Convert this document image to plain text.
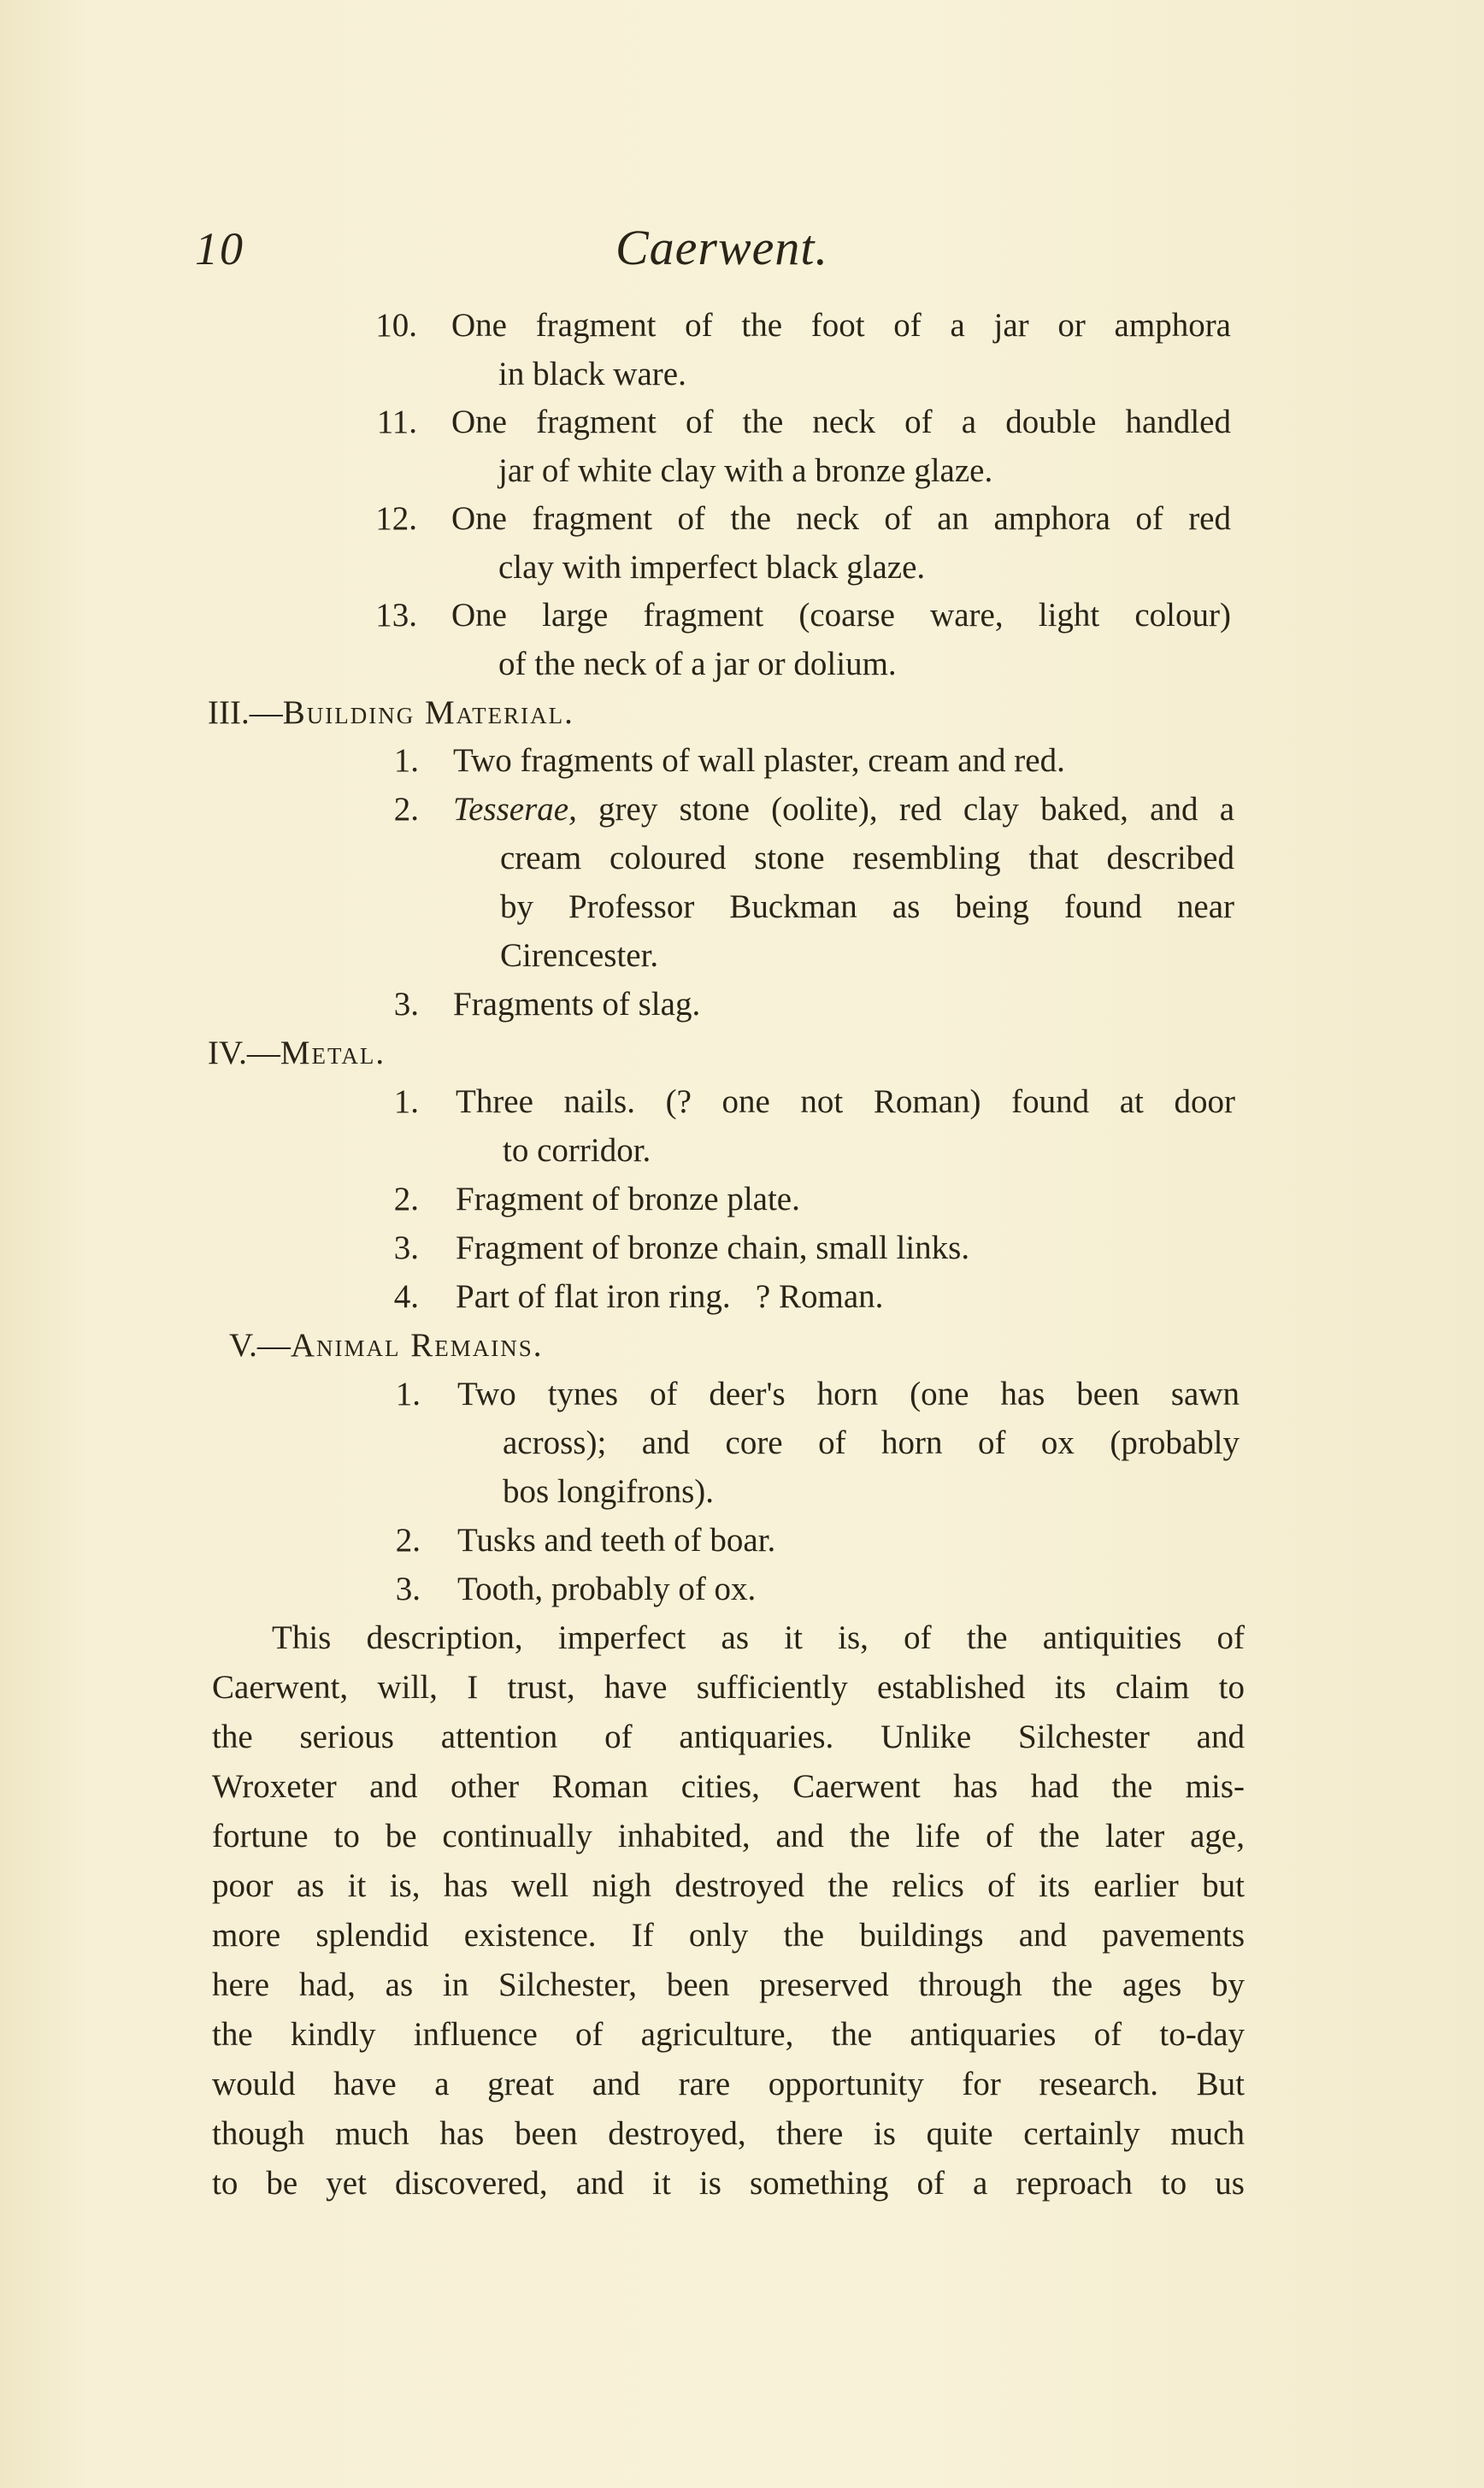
10	Caerwent.
10. One fragment of the foot of a jar or amphora
in black ware.
11. One fragment of the neck of a double handled
jar of white clay with a bronze glaze.
12. One fragment of the neck of an amphora of red
clay with imperfect black glaze.
13. One large fragment (coarse ware, light colour)
of the neck of a jar or dolium.
III.—Building Material.
1. Two fragments of wall plaster, cream and red.
2. Tesserae, grey stone (oolite), red clay baked, and a
cream coloured stone resembling that described
by Professor Buckman as being found near
Cirencester.
3. Fragments of slag.
IV.—Metal.
1. Three nails. (? one not Roman) found at door
to corridor.
2. Fragment of bronze plate.
3. Fragment of bronze chain, small links.
4. Part of flat iron ring.   ? Roman.
V.—Animal Remains.
1. Two tynes of deer's horn (one has been sawn
across); and core of horn of ox (probably
bos longifrons).
2. Tusks and teeth of boar.
3. Tooth, probably of ox.
This description, imperfect as it is, of the antiquities of
Caerwent, will, I trust, have sufficiently established its claim to
the serious attention of antiquaries. Unlike Silchester and
Wroxeter and other Roman cities, Caerwent has had the mis-
fortune to be continually inhabited, and the life of the later age,
poor as it is, has well nigh destroyed the relics of its earlier but
more splendid existence. If only the buildings and pavements
here had, as in Silchester, been preserved through the ages by
the kindly influence of agriculture, the antiquaries of to-day
would have a great and rare opportunity for research. But
though much has been destroyed, there is quite certainly much
to be yet discovered, and it is something of a reproach to us
